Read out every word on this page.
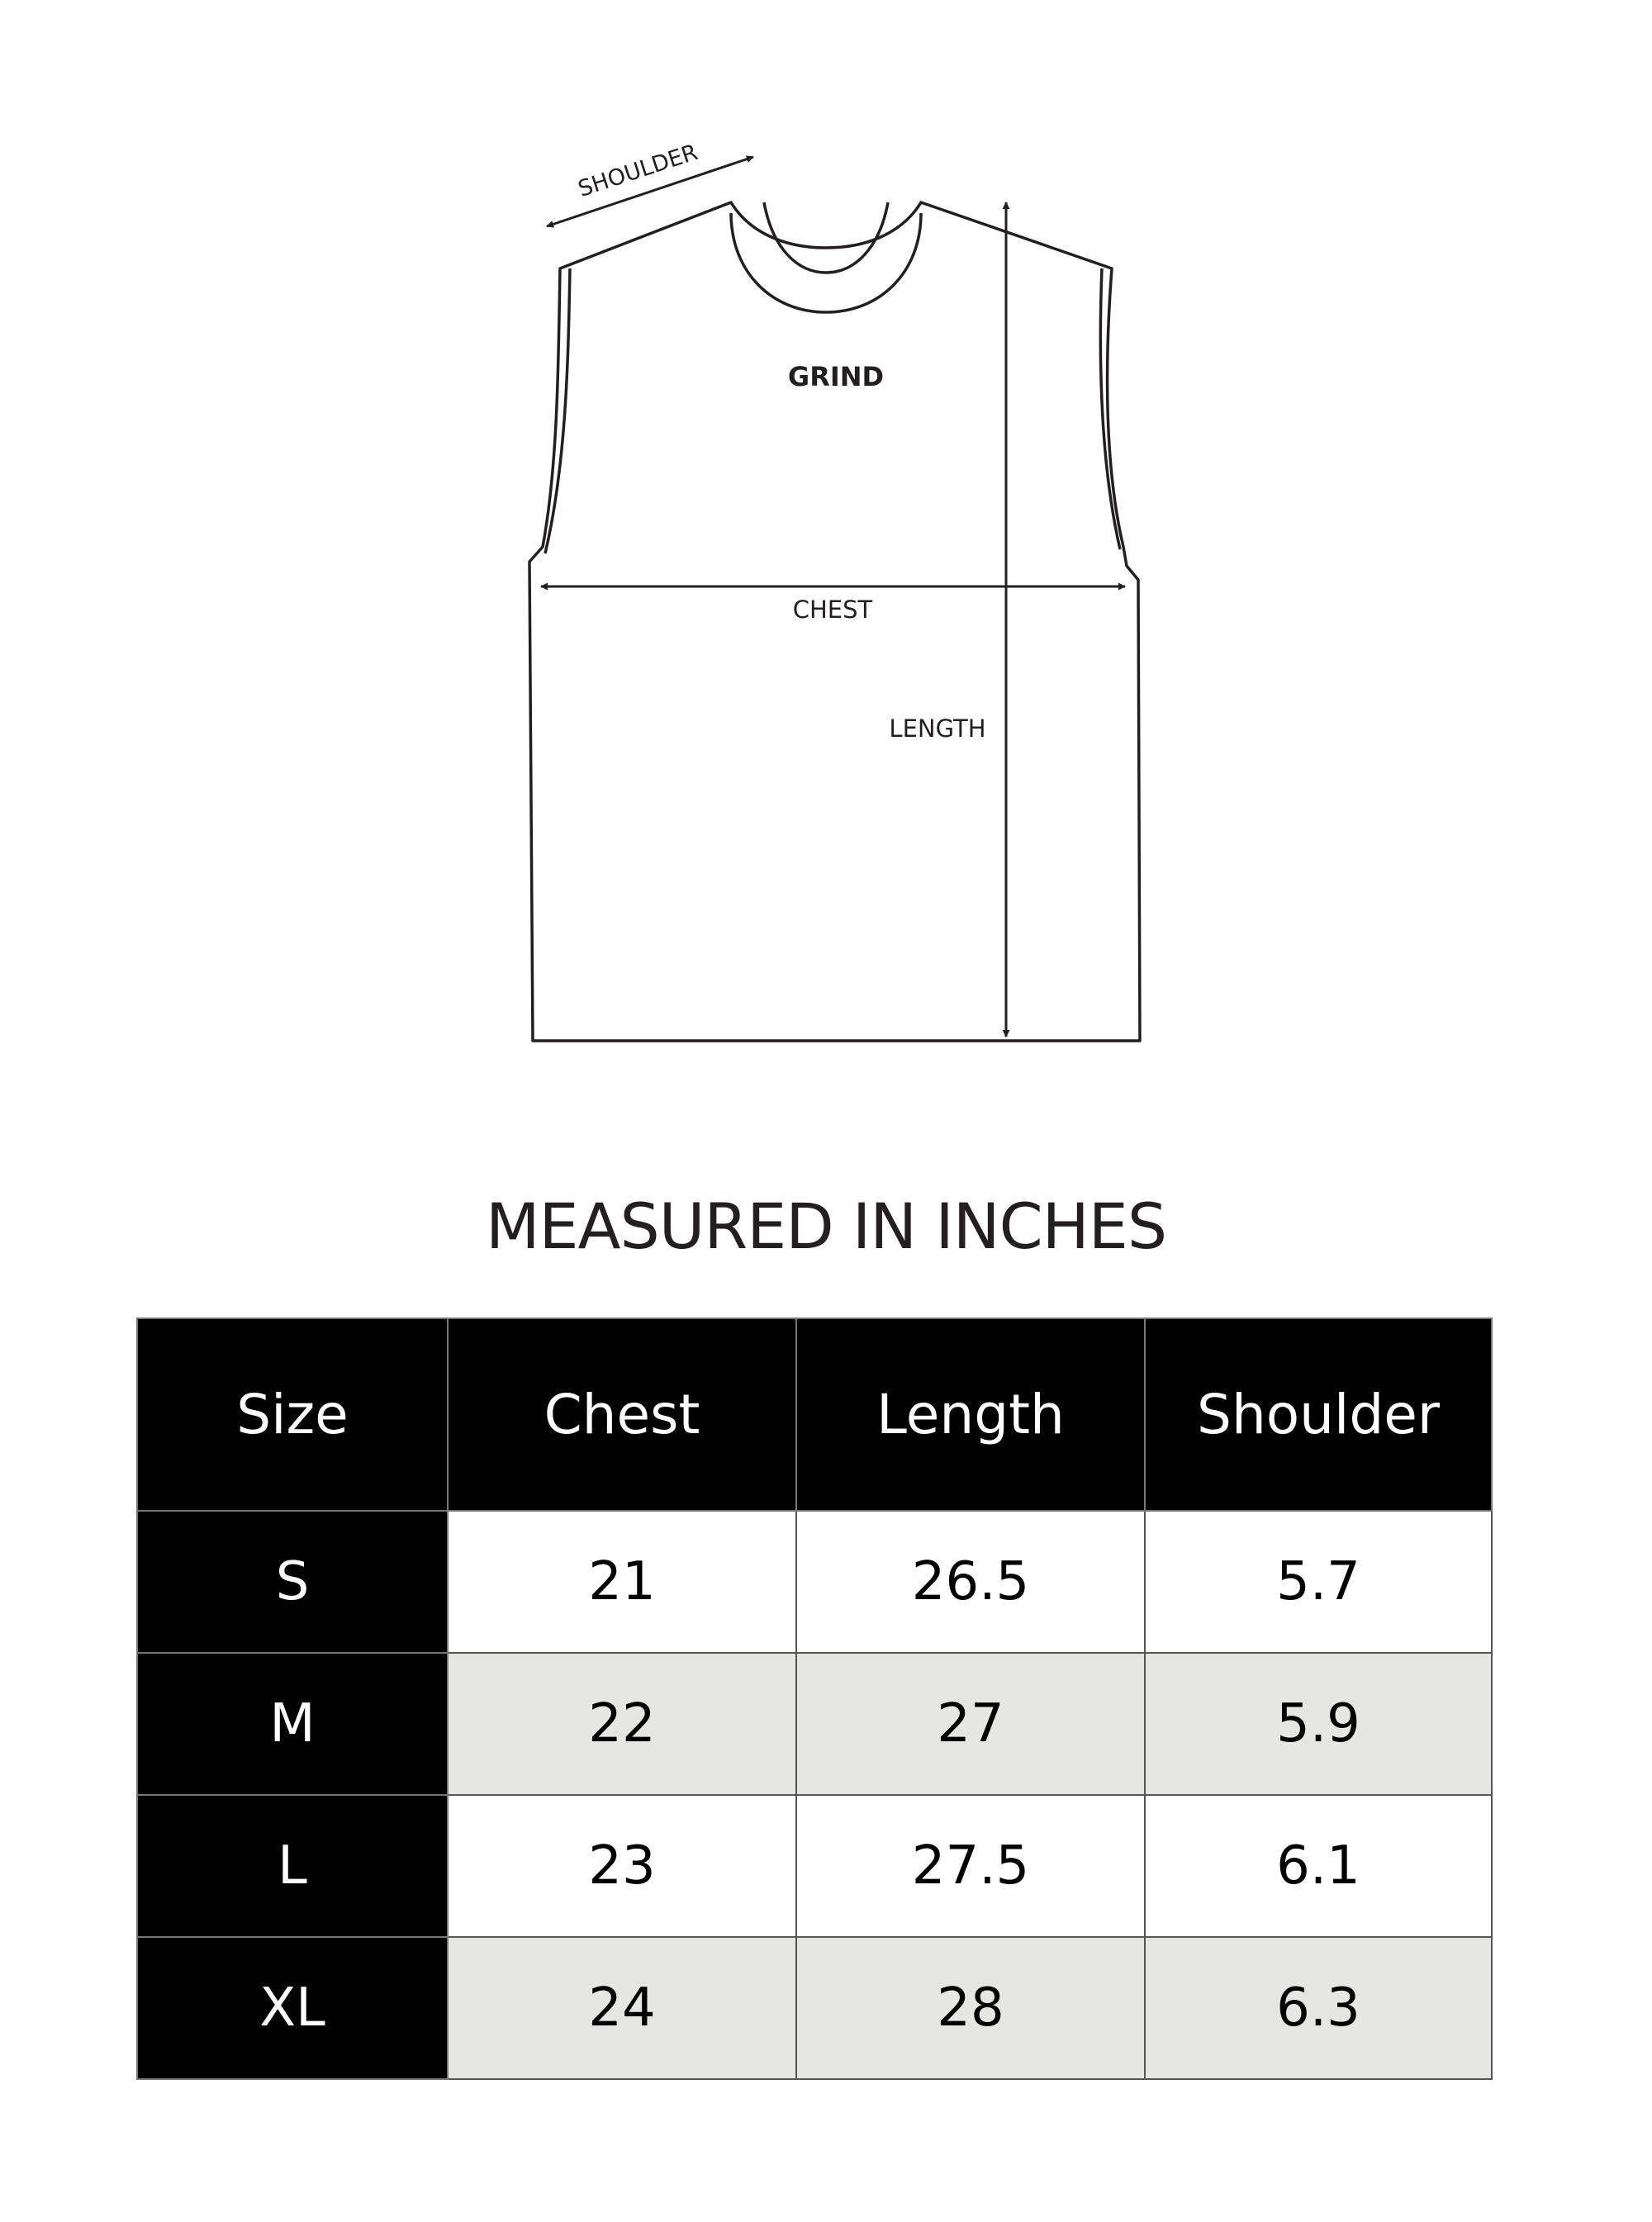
SHOULDER
CHEST
LENGTH
GRIND
MEASURED IN INCHES
Size	Chest	Length	Shoulder
S	21	26.5	5.7
M	22	27	5.9
L	23	27.5	6.1
XL	24	28	6.3
